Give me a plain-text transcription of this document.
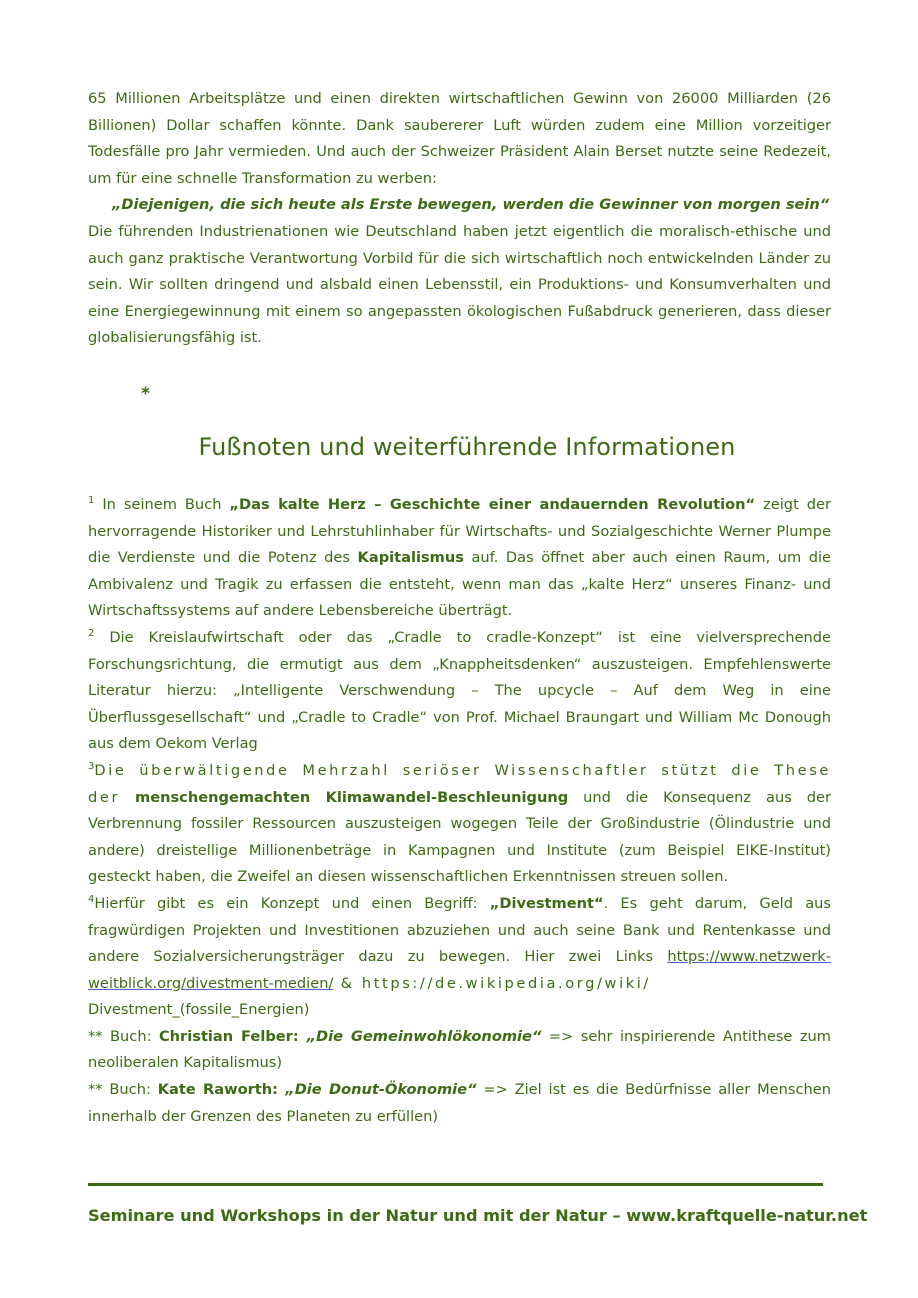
65 Millionen Arbeitsplätze und einen direkten wirtschaftlichen Gewinn von 26000 Milliarden (26 Billionen) Dollar schaffen könnte. Dank saubererer Luft würden zudem eine Million vorzeitiger Todesfälle pro Jahr vermieden. Und auch der Schweizer Präsident Alain Berset nutzte seine Redezeit, um für eine schnelle Transformation zu werben:

„Diejenigen, die sich heute als Erste bewegen, werden die Gewinner von morgen sein“

Die führenden Industrienationen wie Deutschland haben jetzt eigentlich die moralisch-ethische und auch ganz praktische Verantwortung Vorbild für die sich wirtschaftlich noch entwickelnden Länder zu sein. Wir sollten dringend und alsbald einen Lebensstil, ein Produktions- und Konsumverhalten und eine Energiegewinnung mit einem so angepassten ökologischen Fußabdruck generieren, dass dieser globalisierungsfähig ist.

*
Fußnoten und weiterführende Informationen

$^1$ In seinem Buch „Das kalte Herz – Geschichte einer andauernden Revolution“ zeigt der hervorragende Historiker und Lehrstuhlinhaber für Wirtschafts- und Sozialgeschichte Werner Plumpe die Verdienste und die Potenz des Kapitalismus auf. Das öffnet aber auch einen Raum, um die Ambivalenz und Tragik zu erfassen die entsteht, wenn man das „kalte Herz“ unseres Finanz- und Wirtschaftssystems auf andere Lebensbereiche überträgt.

$^2$ Die Kreislaufwirtschaft oder das „Cradle to cradle-Konzept“ ist eine vielversprechende Forschungsrichtung, die ermutigt aus dem „Knappheitsdenken“ auszusteigen. Empfehlenswerte Literatur hierzu: „Intelligente Verschwendung – The upcycle – Auf dem Weg in eine Überflussgesellschaft“ und „Cradle to Cradle“ von Prof. Michael Braungart und William Mc Donough aus dem Oekom Verlag

$^3$Die überwältigende Mehrzahl seriöser Wissenschaftler stützt die These der menschengemachten Klimawandel-Beschleunigung und die Konsequenz aus der Verbrennung fossiler Ressourcen auszusteigen wogegen Teile der Großindustrie (Ölindustrie und andere) dreistellige Millionenbeträge in Kampagnen und Institute (zum Beispiel EIKE-Institut) gesteckt haben, die Zweifel an diesen wissenschaftlichen Erkenntnissen streuen sollen.

$^4$Hierfür gibt es ein Konzept und einen Begriff: „Divestment“. Es geht darum, Geld aus fragwürdigen Projekten und Investitionen abzuziehen und auch seine Bank und Rentenkasse und andere Sozialversicherungsträger dazu zu bewegen. Hier zwei Links https://www.netzwerk-weitblick.org/divestment-medien/ & https://de.wikipedia.org/wiki/
Divestment_(fossile_Energien)

** Buch: Christian Felber: „Die Gemeinwohlökonomie“ => sehr inspirierende Antithese zum neoliberalen Kapitalismus)

** Buch: Kate Raworth: „Die Donut-Ökonomie“ => Ziel ist es die Bedürfnisse aller Menschen innerhalb der Grenzen des Planeten zu erfüllen)

Seminare und Workshops in der Natur und mit der Natur – www.kraftquelle-natur.net
